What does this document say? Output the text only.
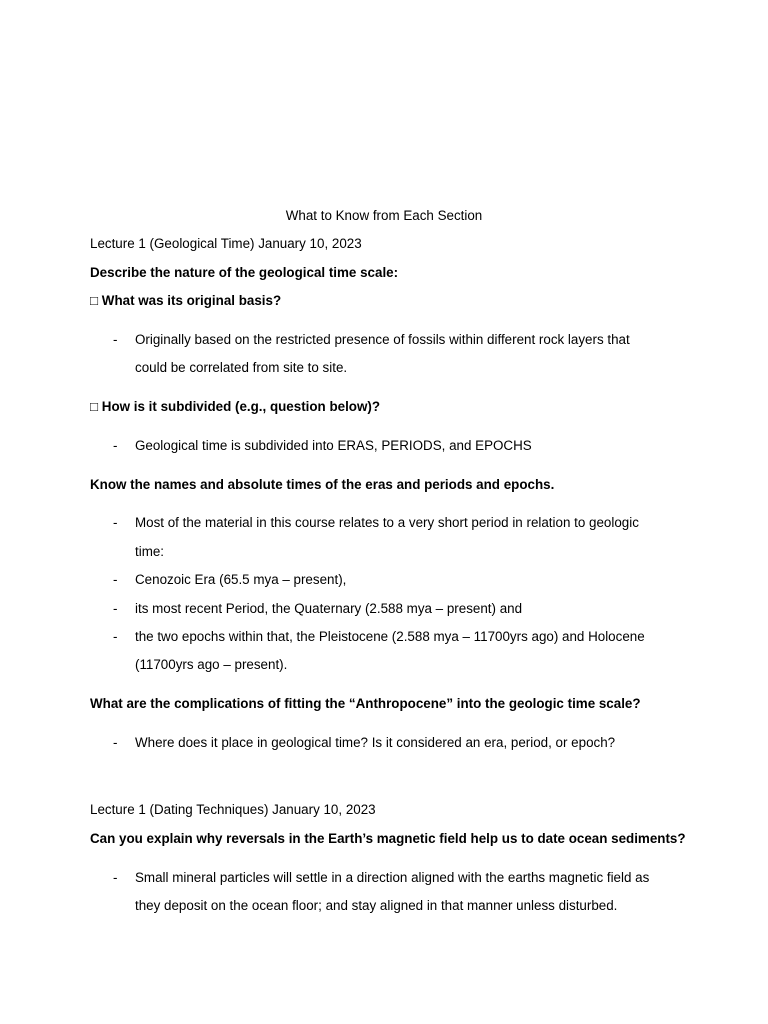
What to Know from Each Section
Lecture 1 (Geological Time) January 10, 2023
Describe the nature of the geological time scale:
□ What was its original basis?
- Originally based on the restricted presence of fossils within different rock layers that
could be correlated from site to site.
□ How is it subdivided (e.g., question below)?
- Geological time is subdivided into ERAS, PERIODS, and EPOCHS
Know the names and absolute times of the eras and periods and epochs.
- Most of the material in this course relates to a very short period in relation to geologic
time:
- Cenozoic Era (65.5 mya – present),
- its most recent Period, the Quaternary (2.588 mya – present) and
- the two epochs within that, the Pleistocene (2.588 mya – 11700yrs ago) and Holocene
(11700yrs ago – present).
What are the complications of fitting the “Anthropocene” into the geologic time scale?
- Where does it place in geological time? Is it considered an era, period, or epoch?
Lecture 1 (Dating Techniques) January 10, 2023
Can you explain why reversals in the Earth’s magnetic field help us to date ocean sediments?
- Small mineral particles will settle in a direction aligned with the earths magnetic field as
they deposit on the ocean floor; and stay aligned in that manner unless disturbed.
